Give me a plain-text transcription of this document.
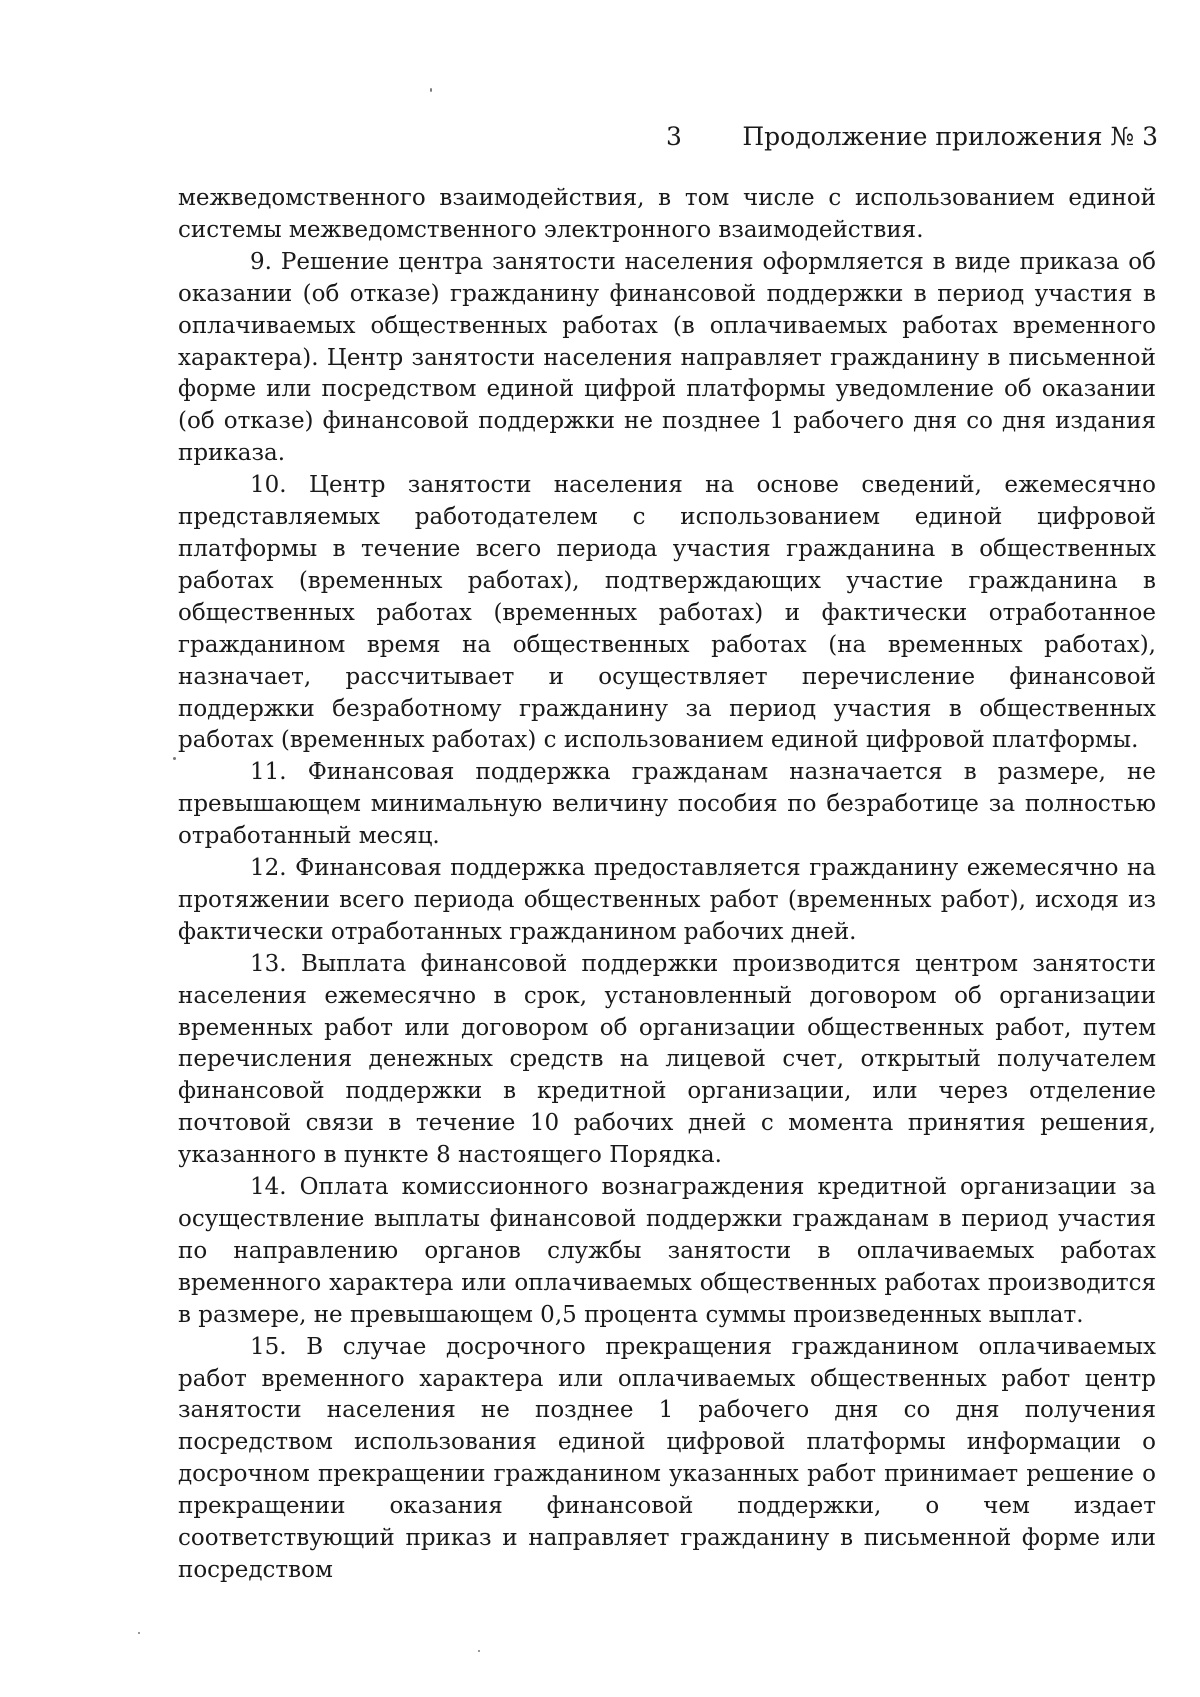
3 Продолжение приложения № 3

межведомственного взаимодействия, в том числе с использованием единой системы межведомственного электронного взаимодействия.

9. Решение центра занятости населения оформляется в виде приказа об оказании (об отказе) гражданину финансовой поддержки в период участия в оплачиваемых общественных работах (в оплачиваемых работах временного характера). Центр занятости населения направляет гражданину в письменной форме или посредством единой цифрой платформы уведомление об оказании (об отказе) финансовой поддержки не позднее 1 рабочего дня со дня издания приказа.

10. Центр занятости населения на основе сведений, ежемесячно представляемых работодателем с использованием единой цифровой платформы в течение всего периода участия гражданина в общественных работах (временных работах), подтверждающих участие гражданина в общественных работах (временных работах) и фактически отработанное гражданином время на общественных работах (на временных работах), назначает, рассчитывает и осуществляет перечисление финансовой поддержки безработному гражданину за период участия в общественных работах (временных работах) с использованием единой цифровой платформы.

11. Финансовая поддержка гражданам назначается в размере, не превышающем минимальную величину пособия по безработице за полностью отработанный месяц.

12. Финансовая поддержка предоставляется гражданину ежемесячно на протяжении всего периода общественных работ (временных работ), исходя из фактически отработанных гражданином рабочих дней.

13. Выплата финансовой поддержки производится центром занятости населения ежемесячно в срок, установленный договором об организации временных работ или договором об организации общественных работ, путем перечисления денежных средств на лицевой счет, открытый получателем финансовой поддержки в кредитной организации, или через отделение почтовой связи в течение 10 рабочих дней с момента принятия решения, указанного в пункте 8 настоящего Порядка.

14. Оплата комиссионного вознаграждения кредитной организации за осуществление выплаты финансовой поддержки гражданам в период участия по направлению органов службы занятости в оплачиваемых работах временного характера или оплачиваемых общественных работах производится в размере, не превышающем 0,5 процента суммы произведенных выплат.

15. В случае досрочного прекращения гражданином оплачиваемых работ временного характера или оплачиваемых общественных работ центр занятости населения не позднее 1 рабочего дня со дня получения посредством использования единой цифровой платформы информации о досрочном прекращении гражданином указанных работ принимает решение о прекращении оказания финансовой поддержки, о чем издает соответствующий приказ и направляет гражданину в письменной форме или посредством
